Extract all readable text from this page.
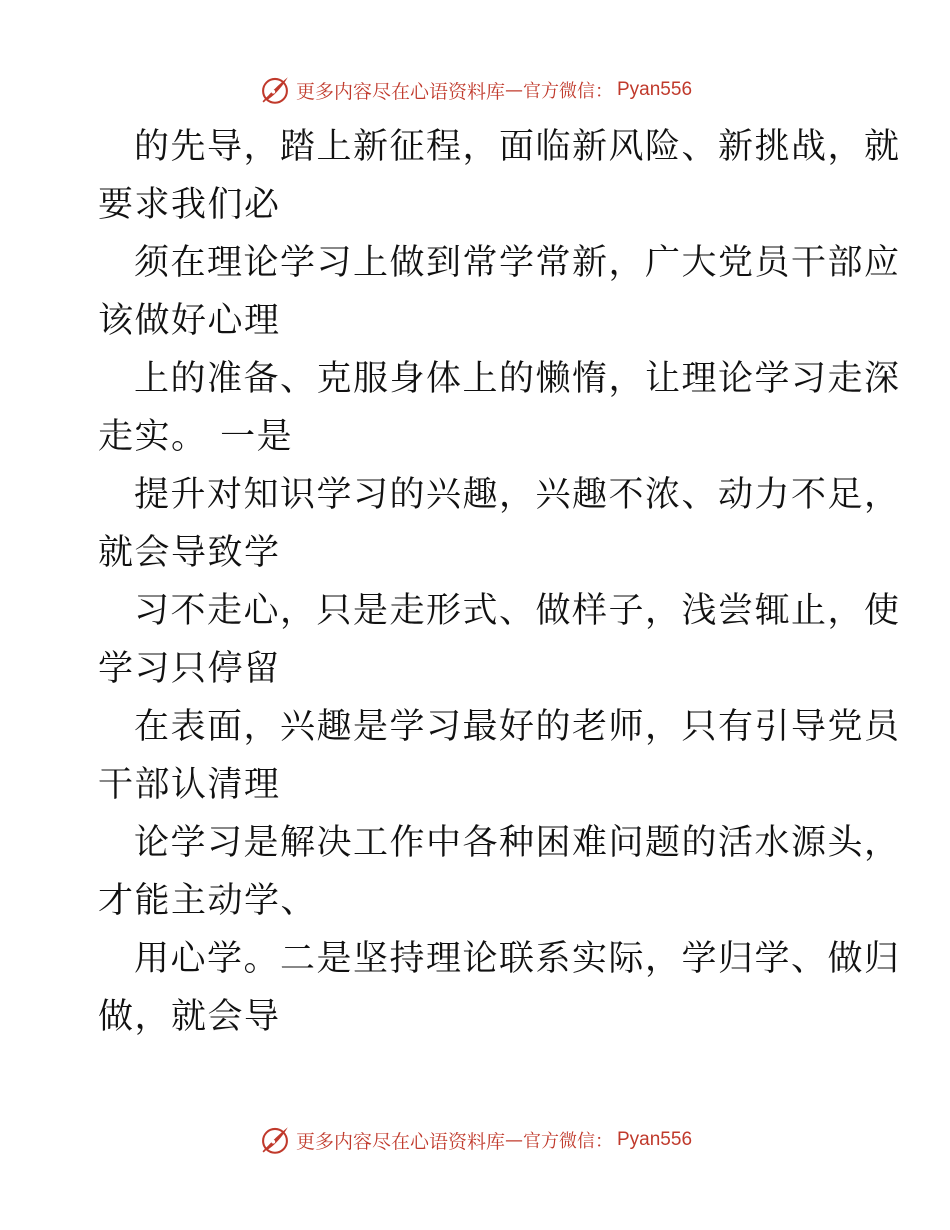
更多内容尽在心语资料库 — 官方微信： Pyan556

的先导，踏上新征程，面临新风险、新挑战，就
要求我们必

须在理论学习上做到常学常新，广大党员干部应
该做好心理

上的准备、克服身体上的懒惰，让理论学习走深
走实。 一是

提升对知识学习的兴趣，兴趣不浓、动力不足，
就会导致学

习不走心，只是走形式、做样子，浅尝辄止，使
学习只停留

在表面，兴趣是学习最好的老师，只有引导党员
干部认清理

论学习是解决工作中各种困难问题的活水源头，
才能主动学、

用心学。二是坚持理论联系实际，学归学、做归
做，就会导

更多内容尽在心语资料库 — 官方微信： Pyan556
